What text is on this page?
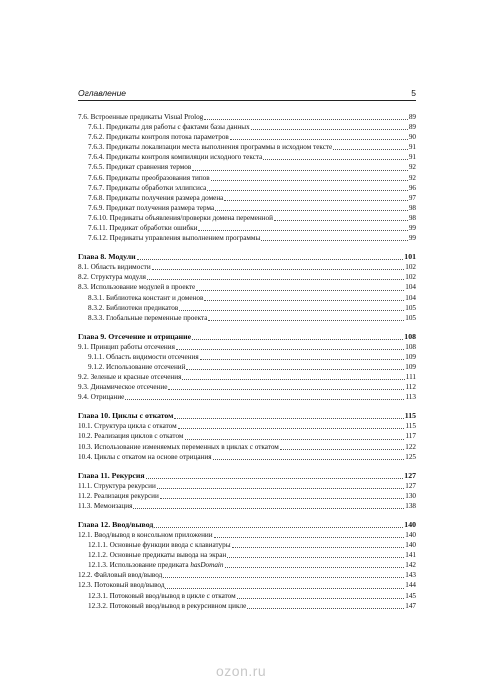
Оглавление	5
7.6. Встроенные предикаты Visual Prolog	89
7.6.1. Предикаты для работы с фактами базы данных	89
7.6.2. Предикаты контроля потока параметров	90
7.6.3. Предикаты локализации места выполнения программы в исходном тексте	91
7.6.4. Предикаты контроля компиляции исходного текста	91
7.6.5. Предикат сравнения термов	92
7.6.6. Предикаты преобразования типов	92
7.6.7. Предикаты обработки эллипсиса	96
7.6.8. Предикаты получения размера домена	97
7.6.9. Предикат получения размера терма	98
7.6.10. Предикаты объявления/проверки домена переменной	98
7.6.11. Предикат обработки ошибки	99
7.6.12. Предикаты управления выполнением программы	99
Глава 8. Модули	101
8.1. Область видимости	102
8.2. Структура модуля	102
8.3. Использование модулей в проекте	104
8.3.1. Библиотека констант и доменов	104
8.3.2. Библиотеки предикатов	105
8.3.3. Глобальные переменные проекта	105
Глава 9. Отсечение и отрицание	108
9.1. Принцип работы отсечения	108
9.1.1. Область видимости отсечения	109
9.1.2. Использование отсечений	109
9.2. Зеленые и красные отсечения	111
9.3. Динамическое отсечение	112
9.4. Отрицание	113
Глава 10. Циклы с откатом	115
10.1. Структура цикла с откатом	115
10.2. Реализация циклов с откатом	117
10.3. Использование изменяемых переменных в циклах с откатом	122
10.4. Циклы с откатом на основе отрицания	125
Глава 11. Рекурсия	127
11.1. Структура рекурсии	127
11.2. Реализация рекурсии	130
11.3. Мемоизация	138
Глава 12. Ввод/вывод	140
12.1. Ввод/вывод в консольном приложении	140
12.1.1. Основные функции ввода с клавиатуры	140
12.1.2. Основные предикаты вывода на экран	141
12.1.3. Использование предиката hasDomain	142
12.2. Файловый ввод/вывод	143
12.3. Потоковый ввод/вывод	144
12.3.1. Потоковый ввод/вывод в цикле с откатом	145
12.3.2. Потоковый ввод/вывод в рекурсивном цикле	147
ozon.ru
